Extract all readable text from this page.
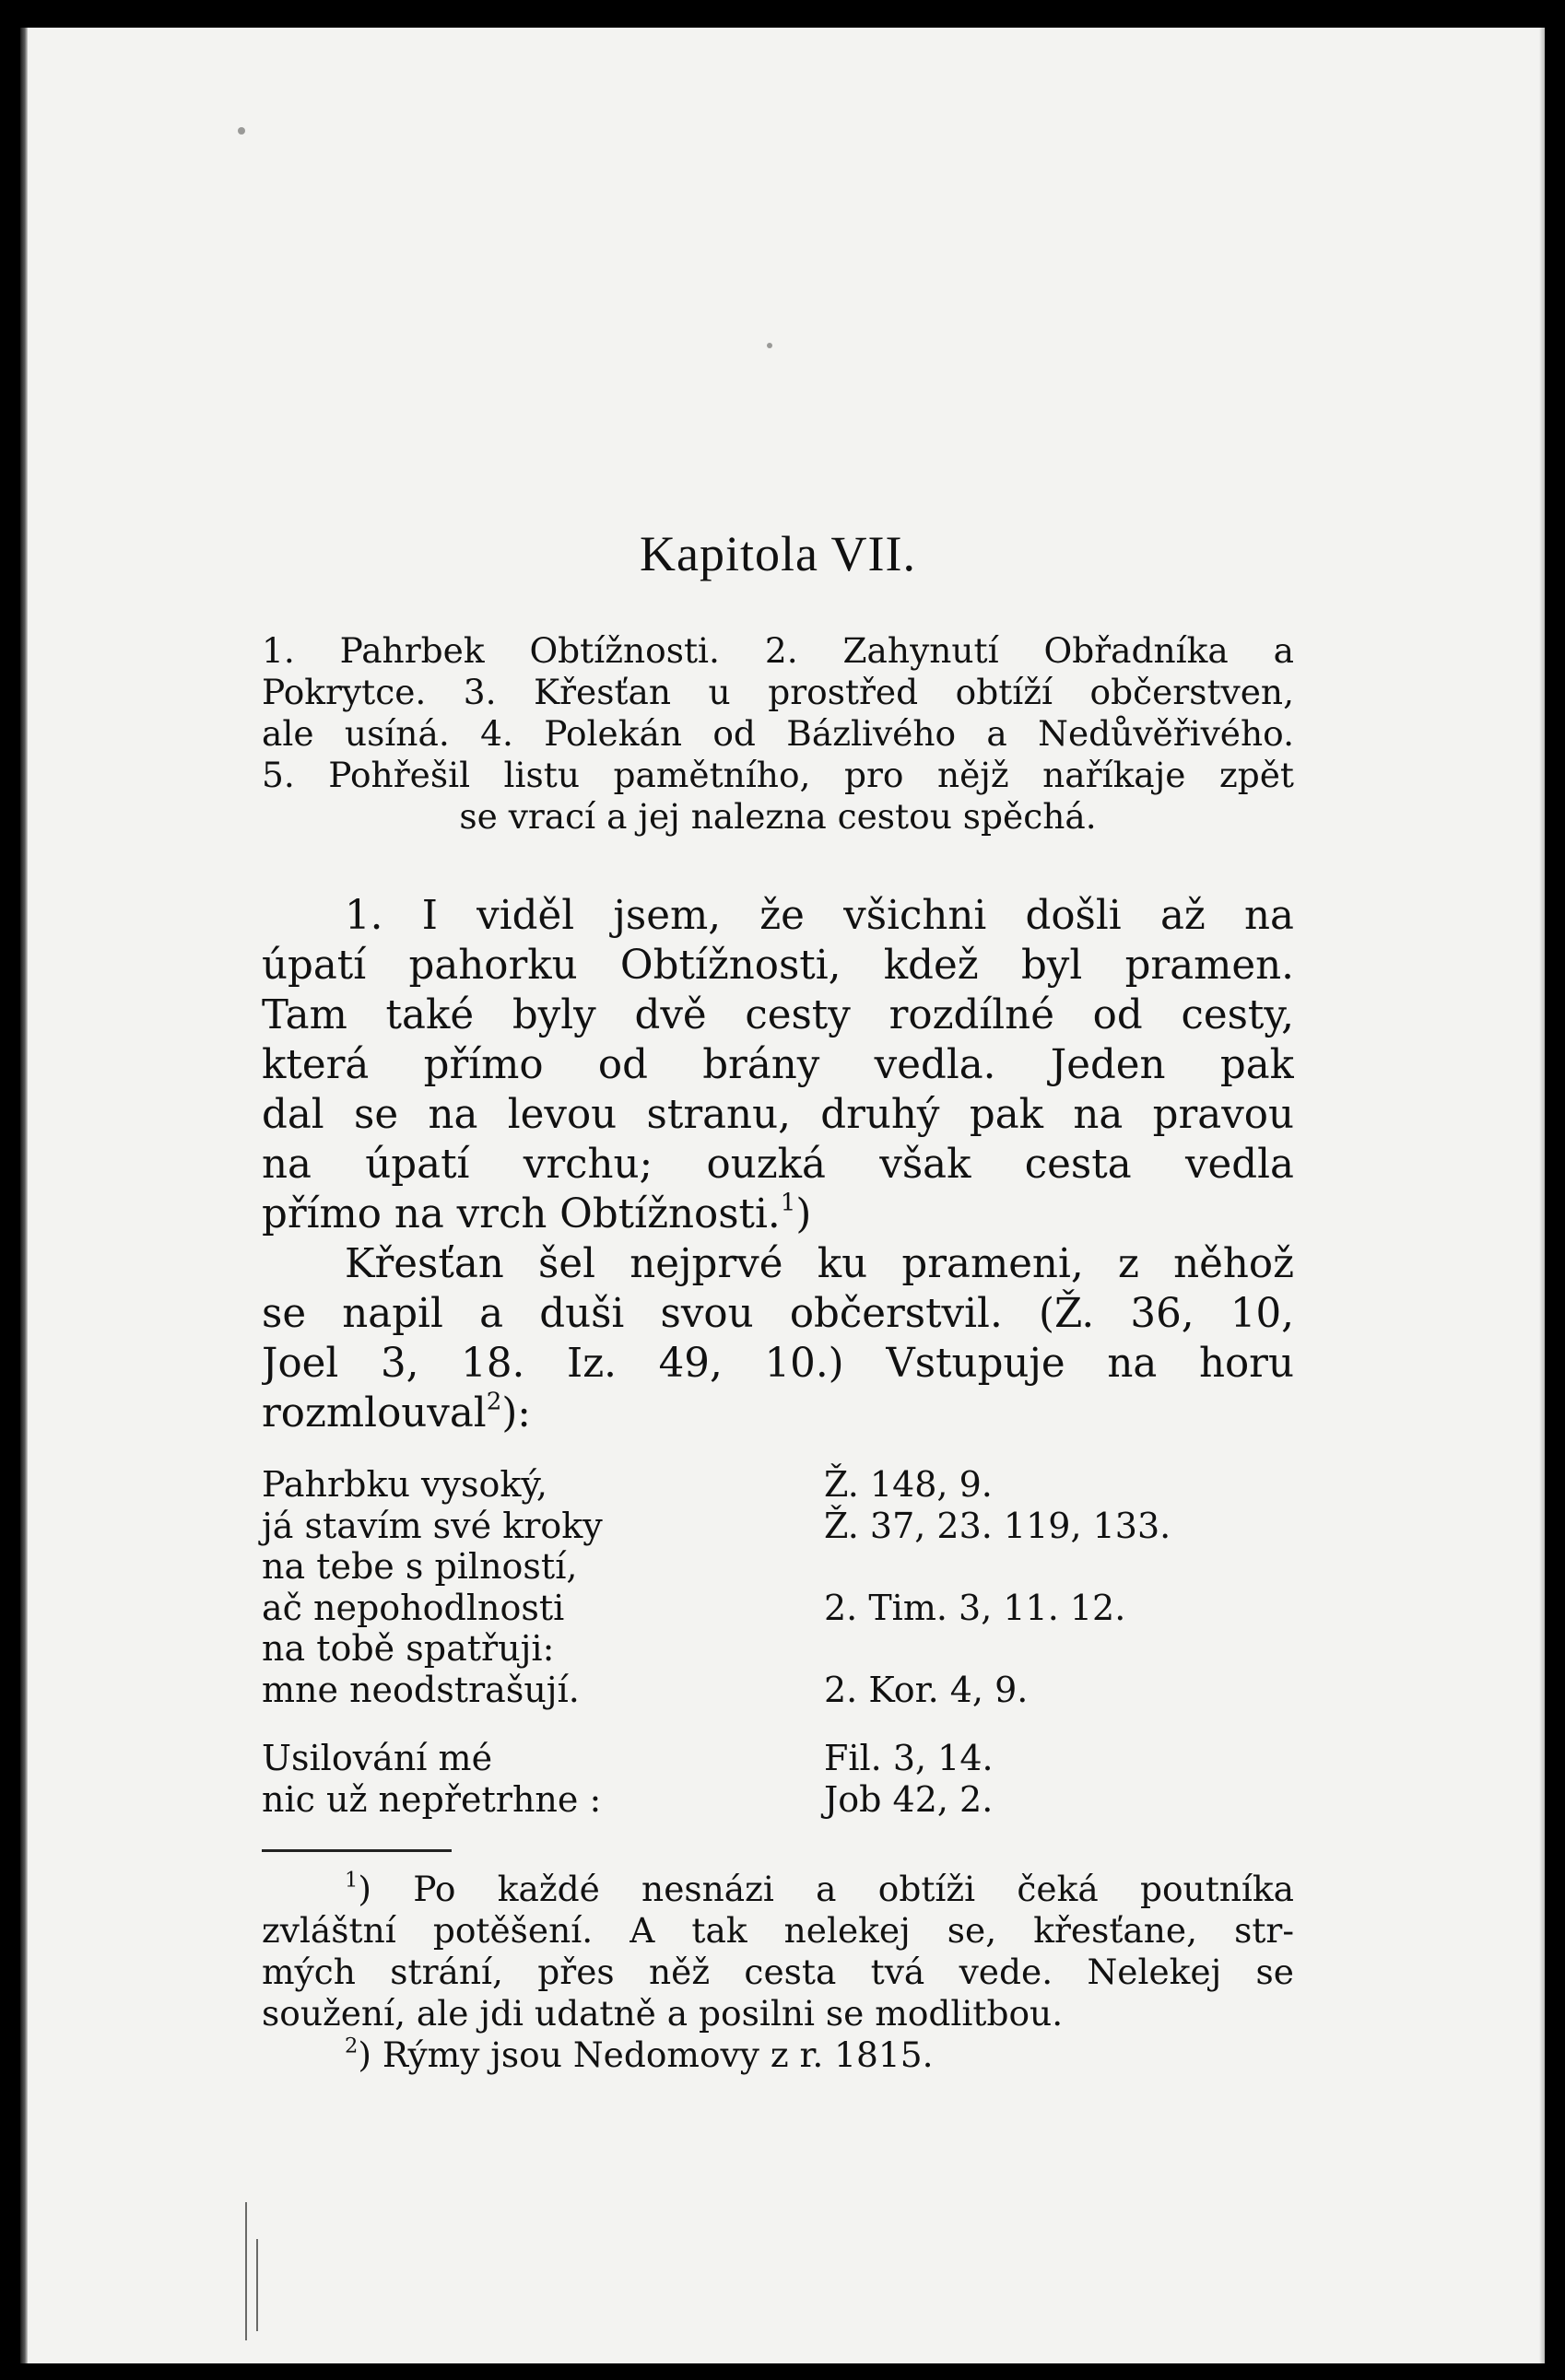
Kapitola VII.
1. Pahrbek Obtížnosti. 2. Zahynutí Obřadníka a
Pokrytce. 3. Křesťan u prostřed obtíží občerstven,
ale usíná. 4. Polekán od Bázlivého a Nedůvěřivého.
5. Pohřešil listu pamětního, pro nějž naříkaje zpět
se vrací a jej nalezna cestou spěchá.
1. I viděl jsem, že všichni došli až na
úpatí pahorku Obtížnosti, kdež byl pramen.
Tam také byly dvě cesty rozdílné od cesty,
která přímo od brány vedla. Jeden pak
dal se na levou stranu, druhý pak na pravou
na úpatí vrchu; ouzká však cesta vedla
přímo na vrch Obtížnosti.$^1$)
Křesťan šel nejprvé ku prameni, z něhož
se napil a duši svou občerstvil. (Ž. 36, 10,
Joel 3, 18. Iz. 49, 10.) Vstupuje na horu
rozmlouval$^2$):
Pahrbku vysoký,	Ž. 148, 9.
já stavím své kroky	Ž. 37, 23. 119, 133.
na tebe s pilností,
ač nepohodlnosti	2. Tim. 3, 11. 12.
na tobě spatřuji:
mne neodstrašují.	2. Kor. 4, 9.
Usilování mé	Fil. 3, 14.
nic už nepřetrhne :	Job 42, 2.
$^1$) Po každé nesnázi a obtíži čeká poutníka
zvláštní potěšení. A tak nelekej se, křesťane, str-
mých strání, přes něž cesta tvá vede. Nelekej se
soužení, ale jdi udatně a posilni se modlitbou.
$^2$) Rýmy jsou Nedomovy z r. 1815.
